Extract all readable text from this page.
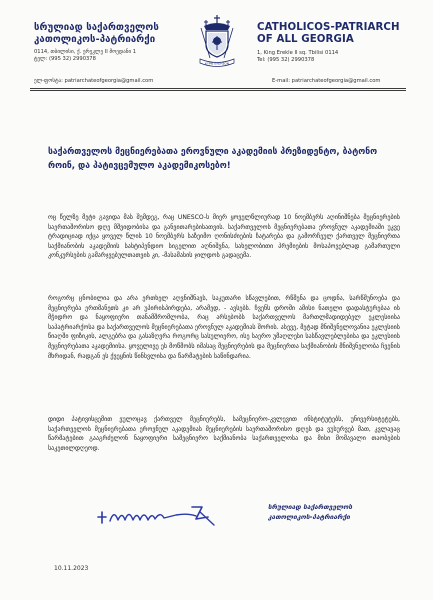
სრულიად საქართველოს
კათოლიკოს-პატრიარქი
0114, თბილისი, ქ. ერეკლე II მოედანი 1
ტელ: (995 32) 2990378
ΚΥΡΙΕ ΕΛΕΗΣΟΝ
CATHOLICOS-PATRIARCH
OF ALL GEORGIA
1, King Erekle II sq. Tbilisi 0114
Tel: (995 32) 2990378
ელ-ფოსტა: patriarchateofgeorgia@gmail.com	E-mail: patriarchateofgeorgia@gmail.com
საქართველოს მეცნიერებათა ეროვნული აკადემიის პრეზიდენტო, ბატონო როინ, და პატივცემულო აკადემიკოსებო!
ოც წელზე მეტი გავიდა მას შემდეგ, რაც UNESCO-ს მიერ ყოველწლიურად 10 ნოემბერს აღინიშნება მეცნიერების საერთაშორისო დღე მშვიდობისა და განვითარებისათვის. საქართველოს მეცნიერებათა ეროვნულ აკადემიაში უკვე ტრადიციად იქცა ყოველ წლის 10 ნოემბერს საზეიმო ღონისძიების ჩატარება და გამორჩეულ ქართველ მეცნიერთა საქმიანობის აკადემიის სასტიპენდიო სიგელით აღნიშვნა, სახელობითი პრემიების მოსაპოვებლად გამართული კონკურსების გამარჯვებულთათვის კი, -მასამასის ჯილდოს გადაცემა.
როგორც ცნობილია და არა ერთხელ აღვნიშნავს, საკუთარი სწავლებით, რწმენა და ცოდნა, სარწმუნოება და მეცნიერება ერთმანეთს კი არ უპირისპირდება, არამედ, - ავსებს. ჩვენს დროში ამისი ნათელი დადასტურებაა ის მჭიდრო და ნაყოფიერი თანამშრომლობა, რაც არსებობს საქართველოს მართლმადიდებელ ეკლესიისა საპატრიარქოსა და საქართველოს მეცნიერებათა ეროვნულ აკადემიას შორის. ასევე, მეტად მნიშვნელოვანია ეკლესიის წიაღში ფიზიკის, ალგებრა და გასაზღვრა როგორც სასულიერო, ისე საერო უმაღლესი სასწავლებლებისა და ეკლესიის მეცნიერებათა აკადემიისა. ყოველივე ეს მოწმობს იმასაც მეცნიერების და მეცნიერთა საქმიანობის მნიშვნელობა ჩვენის მხრიდან, რადგან ეს ქვეყნის წინსვლისა და წარმატების საწინდარია.
დიდი პატივისცემით ვულოცავ ქართველ მეცნიერებს, სამეცნიერო-კვლევით ინსტიტუტებს, უნივერსიტეტებს, საქართველოს მეცნიერებათა ეროვნულ აკადემიას მეცნიერების საერთაშორისო დღეს და ვუსურვებ მათ, კვლავაც წარმატებით გააგრძელონ ნაყოფიერი სამეცნიერო საქმიანობა საქართველოსა და მისი მომავალი თაობების საკეთილდღეოდ.
სრულიად საქართველოს
კათოლიკოს-პატრიარქი
10.11.2023
